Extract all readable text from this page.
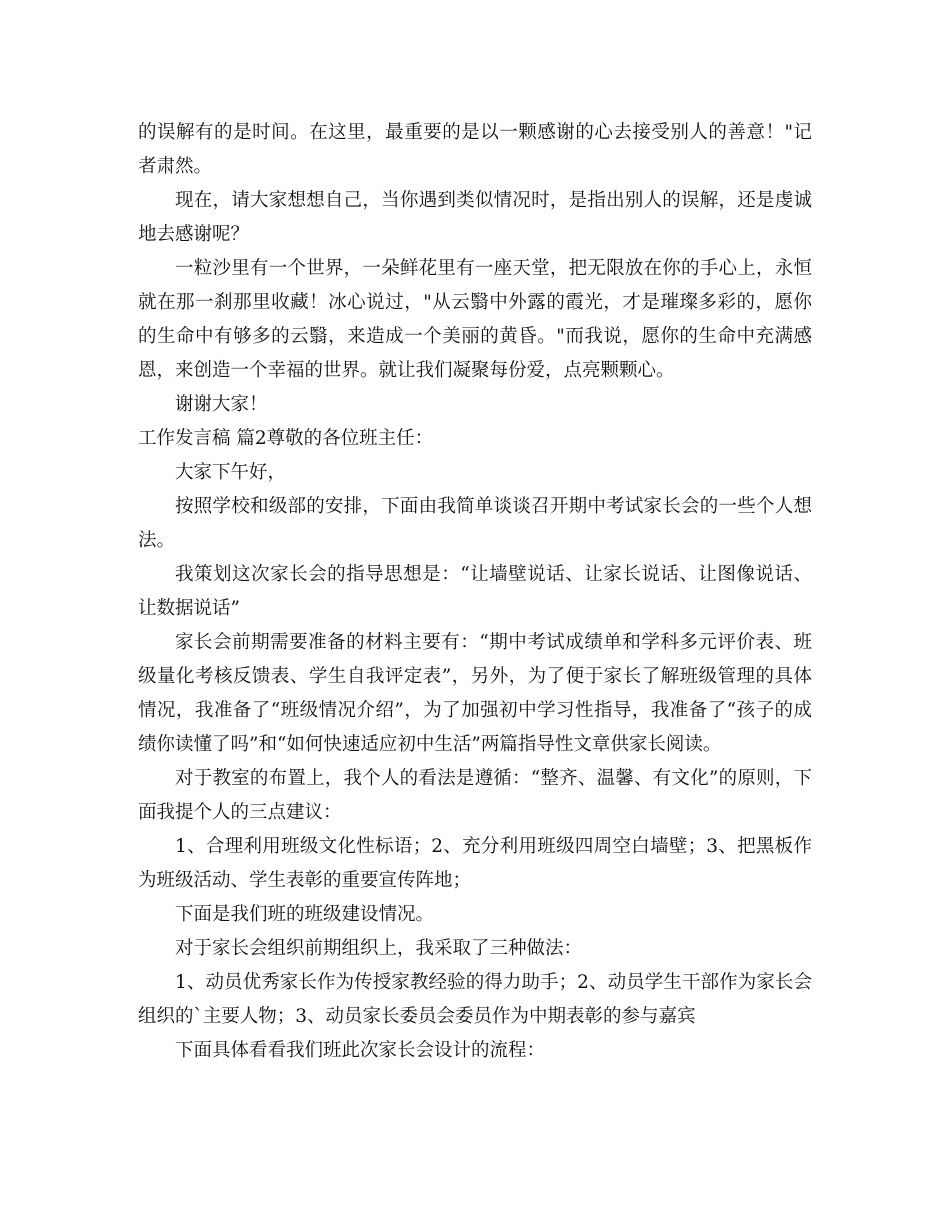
的误解有的是时间。在这里，最重要的是以一颗感谢的心去接受别人的善意！"记者肃然。

现在，请大家想想自己，当你遇到类似情况时，是指出别人的误解，还是虔诚地去感谢呢？

一粒沙里有一个世界，一朵鲜花里有一座天堂，把无限放在你的手心上，永恒就在那一刹那里收藏！冰心说过，"从云翳中外露的霞光，才是璀璨多彩的，愿你的生命中有够多的云翳，来造成一个美丽的黄昏。"而我说，愿你的生命中充满感恩，来创造一个幸福的世界。就让我们凝聚每份爱，点亮颗颗心。

谢谢大家！

工作发言稿 篇2尊敬的各位班主任：

大家下午好，

按照学校和级部的安排，下面由我简单谈谈召开期中考试家长会的一些个人想法。

我策划这次家长会的指导思想是：“让墙壁说话、让家长说话、让图像说话、让数据说话”

家长会前期需要准备的材料主要有：“期中考试成绩单和学科多元评价表、班级量化考核反馈表、学生自我评定表”，另外，为了便于家长了解班级管理的具体情况，我准备了“班级情况介绍”，为了加强初中学习性指导，我准备了“孩子的成绩你读懂了吗”和“如何快速适应初中生活”两篇指导性文章供家长阅读。

对于教室的布置上，我个人的看法是遵循：“整齐、温馨、有文化”的原则，下面我提个人的三点建议：

1、合理利用班级文化性标语；2、充分利用班级四周空白墙壁；3、把黑板作为班级活动、学生表彰的重要宣传阵地；

下面是我们班的班级建设情况。

对于家长会组织前期组织上，我采取了三种做法：

1、动员优秀家长作为传授家教经验的得力助手；2、动员学生干部作为家长会组织的`主要人物；3、动员家长委员会委员作为中期表彰的参与嘉宾

下面具体看看我们班此次家长会设计的流程：
